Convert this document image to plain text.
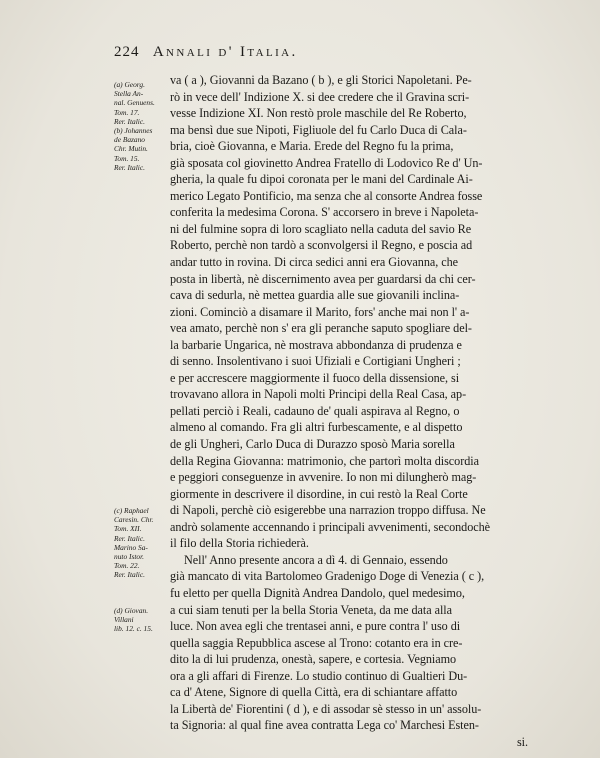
224 Annali d' Italia.
(a) Georg.
Stella An-
nal. Genuens.
Tom. 17.
Rer. Italic.
(b) Johannes
de Bazano
Chr. Mutin.
Tom. 15.
Rer. Italic.
(c) Raphael
Caresin. Chr.
Tom. XII.
Rer. Italic.
Marino Sa-
nuto Istor.
Tom. 22.
Rer. Italic.
(d) Giovan.
Villani
lib. 12. c. 15.
va ( a ), Giovanni da Bazano ( b ), e gli Storici Napoletani. Pe-
rò in vece dell' Indizione X. si dee credere che il Gravina scri-
vesse Indizione XI. Non restò prole maschile del Re Roberto,
ma bensì due sue Nipoti, Figliuole del fu Carlo Duca di Cala-
bria, cioè Giovanna, e Maria. Erede del Regno fu la prima,
già sposata col giovinetto Andrea Fratello di Lodovico Re d' Un-
gheria, la quale fu dipoi coronata per le mani del Cardinale Ai-
merico Legato Pontificio, ma senza che al consorte Andrea fosse
conferita la medesima Corona. S' accorsero in breve i Napoleta-
ni del fulmine sopra di loro scagliato nella caduta del savio Re
Roberto, perchè non tardò a sconvolgersi il Regno, e poscia ad
andar tutto in rovina. Di circa sedici anni era Giovanna, che
posta in libertà, nè discernimento avea per guardarsi da chi cer-
cava di sedurla, nè mettea guardia alle sue giovanili inclina-
zioni. Cominciò a disamare il Marito, fors' anche mai non l' a-
vea amato, perchè non s' era gli peranche saputo spogliare del-
la barbarie Ungarica, nè mostrava abbondanza di prudenza e
di senno. Insolentivano i suoi Ufiziali e Cortigiani Ungheri ;
e per accrescere maggiormente il fuoco della dissensione, si
trovavano allora in Napoli molti Principi della Real Casa, ap-
pellati perciò i Reali, cadauno de' quali aspirava al Regno, o
almeno al comando. Fra gli altri furbescamente, e al dispetto
de gli Ungheri, Carlo Duca di Durazzo sposò Maria sorella
della Regina Giovanna: matrimonio, che partorì molta discordia
e peggiori conseguenze in avvenire. Io non mi dilungherò mag-
giormente in descrivere il disordine, in cui restò la Real Corte
di Napoli, perchè ciò esigerebbe una narrazion troppo diffusa. Ne
andrò solamente accennando i principali avvenimenti, secondochè
il filo della Storia richiederà.
Nell' Anno presente ancora a dì 4. di Gennaio, essendo
già mancato di vita Bartolomeo Gradenigo Doge di Venezia ( c ),
fu eletto per quella Dignità Andrea Dandolo, quel medesimo,
a cui siam tenuti per la bella Storia Veneta, da me data alla
luce. Non avea egli che trentasei anni, e pure contra l' uso di
quella saggia Repubblica ascese al Trono: cotanto era in cre-
dito la di lui prudenza, onestà, sapere, e cortesia. Vegniamo
ora a gli affari di Firenze. Lo studio continuo di Gualtieri Du-
ca d' Atene, Signore di quella Città, era di schiantare affatto
la Libertà de' Fiorentini ( d ), e di assodar sè stesso in un' assolu-
ta Signoria: al qual fine avea contratta Lega co' Marchesi Esten-
si.
